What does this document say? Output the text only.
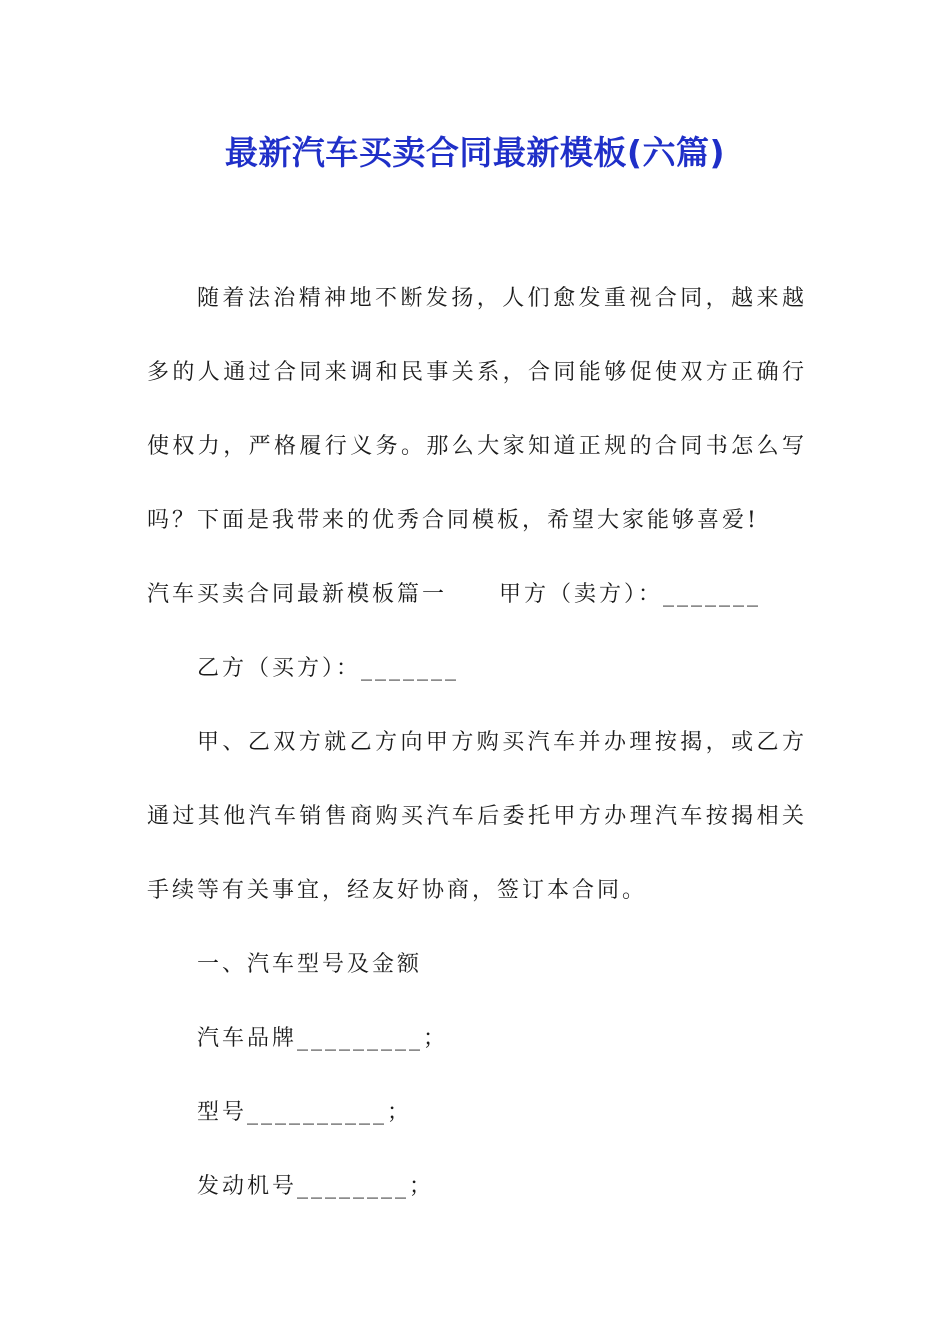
最新汽车买卖合同最新模板(六篇)

随着法治精神地不断发扬，人们愈发重视合同，越来越多的人通过合同来调和民事关系，合同能够促使双方正确行使权力，严格履行义务。那么大家知道正规的合同书怎么写吗？下面是我带来的优秀合同模板，希望大家能够喜爱!

汽车买卖合同最新模板篇一 甲方（卖方）：_______

乙方（买方）：_______

甲、乙双方就乙方向甲方购买汽车并办理按揭，或乙方通过其他汽车销售商购买汽车后委托甲方办理汽车按揭相关手续等有关事宜，经友好协商，签订本合同。

一、汽车型号及金额

汽车品牌_________；

型号__________；

发动机号________；
